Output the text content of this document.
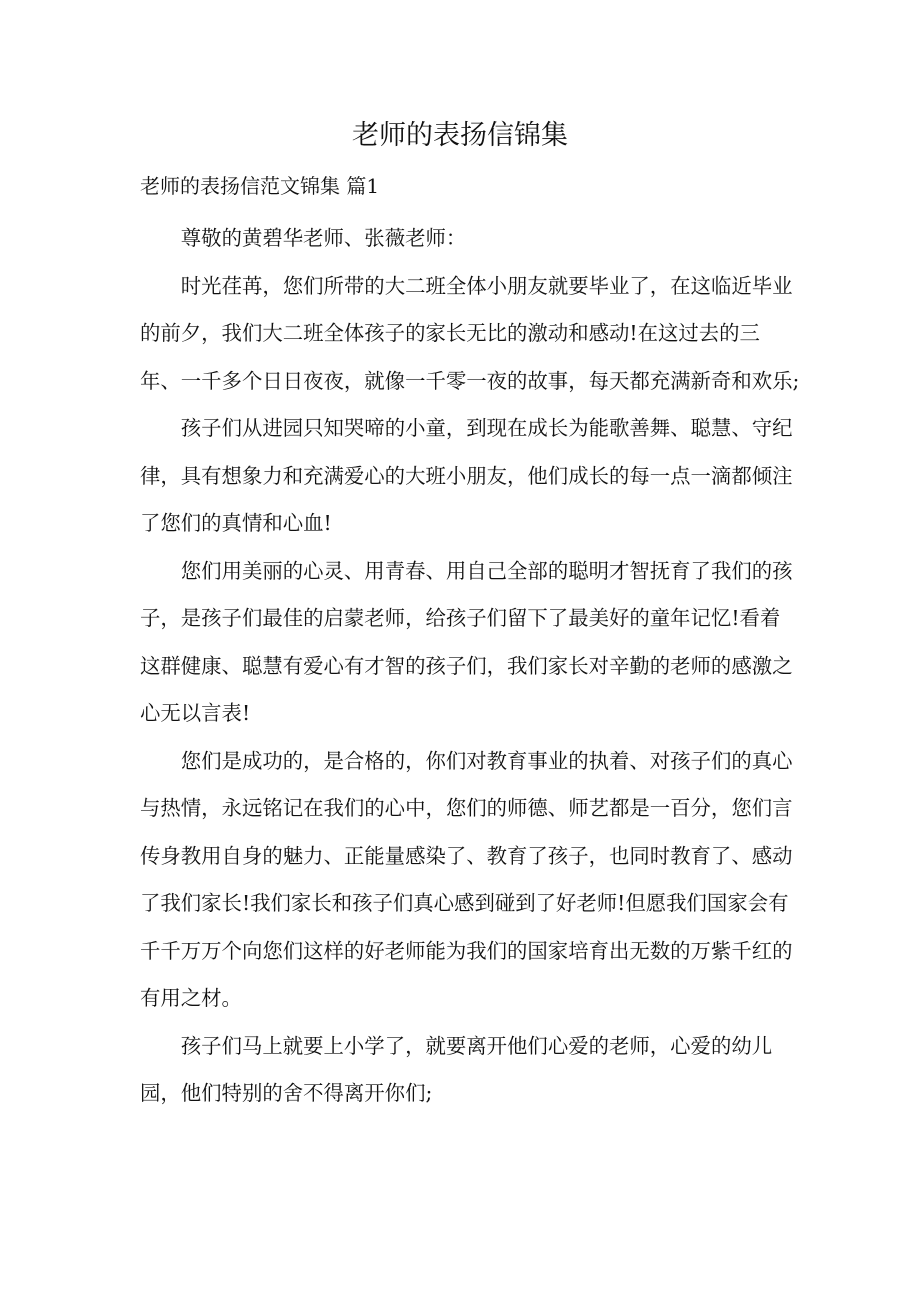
老师的表扬信锦集

老师的表扬信范文锦集 篇1

尊敬的黄碧华老师、张薇老师：

时光荏苒，您们所带的大二班全体小朋友就要毕业了，在这临近毕业的前夕，我们大二班全体孩子的家长无比的激动和感动!在这过去的三年、一千多个日日夜夜，就像一千零一夜的故事，每天都充满新奇和欢乐;

孩子们从进园只知哭啼的小童，到现在成长为能歌善舞、聪慧、守纪律，具有想象力和充满爱心的大班小朋友，他们成长的每一点一滴都倾注了您们的真情和心血!

您们用美丽的心灵、用青春、用自己全部的聪明才智抚育了我们的孩子，是孩子们最佳的启蒙老师，给孩子们留下了最美好的童年记忆!看着这群健康、聪慧有爱心有才智的孩子们，我们家长对辛勤的老师的感激之心无以言表!

您们是成功的，是合格的，你们对教育事业的执着、对孩子们的真心与热情，永远铭记在我们的心中，您们的师德、师艺都是一百分，您们言传身教用自身的魅力、正能量感染了、教育了孩子，也同时教育了、感动了我们家长!我们家长和孩子们真心感到碰到了好老师!但愿我们国家会有千千万万个向您们这样的好老师能为我们的国家培育出无数的万紫千红的有用之材。

孩子们马上就要上小学了，就要离开他们心爱的老师，心爱的幼儿园，他们特别的舍不得离开你们;
